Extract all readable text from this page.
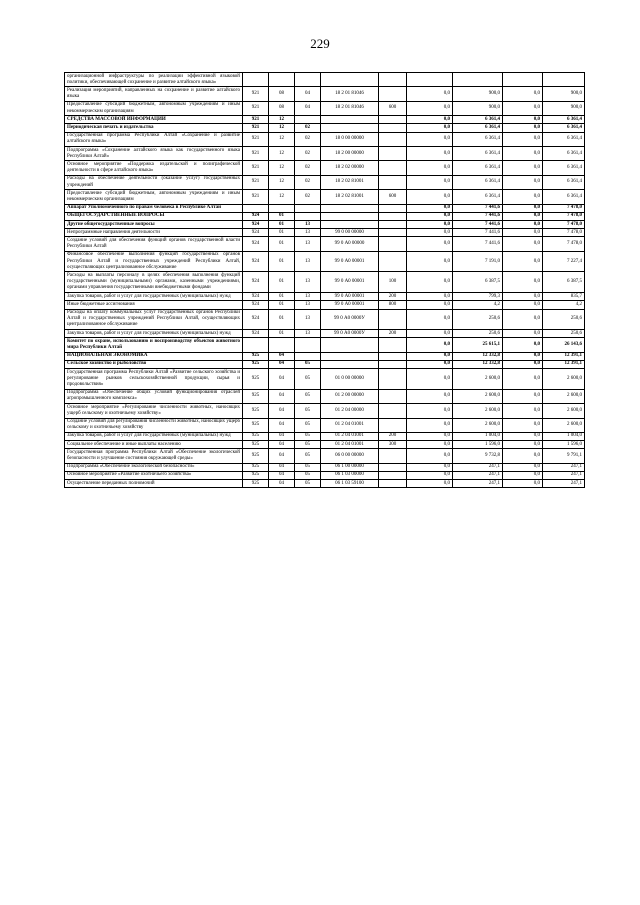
229
организационной инфраструктуры по реализации эффективной языковой политики, обеспечивающей сохранение и развитие алтайского языка»									
Реализация мероприятий, направленных на сохранение и развитие алтайского языка	921	08	04	18 2 01 81046		0,0	900,0	0,0	900,0
Предоставление субсидий бюджетным, автономным учреждениям и иным некоммерческим организациям	921	08	04	18 2 01 81046	600	0,0	900,0	0,0	900,0
СРЕДСТВА МАССОВОЙ ИНФОРМАЦИИ	921	12				0,0	6 361,4	0,0	6 361,4
Периодическая печать и издательства	921	12	02			0,0	6 361,4	0,0	6 361,4
Государственная программа Республики Алтай «Сохранение и развитие алтайского языка»	921	12	02	18 0 00 00000		0,0	6 361,4	0,0	6 361,4
Подпрограмма «Сохранение алтайского языка как государственного языка Республики Алтай»	921	12	02	18 2 00 00000		0,0	6 361,4	0,0	6 361,4
Основное мероприятие «Поддержка издательской и полиграфической деятельности в сфере алтайского языка»	921	12	02	18 2 02 00000		0,0	6 361,4	0,0	6 361,4
Расходы на обеспечение деятельности (оказание услуг) государственных учреждений	921	12	02	18 2 02 81001		0,0	6 361,4	0,0	6 361,4
Предоставление субсидий бюджетным, автономным учреждениям и иным некоммерческим организациям	921	12	02	18 2 02 81001	600	0,0	6 361,4	0,0	6 361,4
Аппарат Уполномоченного по правам человека в Республике Алтай						0,0	7 441,6	0,0	7 478,0
ОБЩЕГОСУДАРСТВЕННЫЕ ВОПРОСЫ	924	01				0,0	7 441,6	0,0	7 478,0
Другие общегосударственные вопросы	924	01	13			0,0	7 441,6	0,0	7 478,0
Непрограммные направления деятельности	924	01	13	99 0 00 00000		0,0	7 441,6	0,0	7 478,0
Создание условий для обеспечения функций органов государственной власти Республики Алтай	924	01	13	99 0 А0 00000		0,0	7 441,6	0,0	7 478,0
Финансовое обеспечение выполнения функций государственных органов Республики Алтай и государственных учреждений Республики Алтай, осуществляющих централизованное обслуживание	924	01	13	99 0 А0 00001		0,0	7 191,0	0,0	7 227,4
Расходы на выплаты персоналу в целях обеспечения выполнения функций государственными (муниципальными) органами, казенными учреждениями, органами управления государственными внебюджетными фондами	924	01	13	99 0 А0 00001	100	0,0	6 387,5	0,0	6 387,5
Закупка товаров, работ и услуг для государственных (муниципальных) нужд	924	01	13	99 0 А0 00001	200	0,0	799,3	0,0	835,7
Иные бюджетные ассигнования	924	01	13	99 0 А0 00001	800	0,0	4,2	0,0	4,2
Расходы на оплату коммунальных услуг государственных органов Республики Алтай и государственных учреждений Республики Алтай, осуществляющих централизованное обслуживание	924	01	13	99 0 А0 0000У		0,0	250,6	0,0	250,6
Закупка товаров, работ и услуг для государственных (муниципальных) нужд	924	01	13	99 0 А0 0000У	200	0,0	250,6	0,0	250,6
Комитет по охране, использованию и воспроизводству объектов животного мира Республики Алтай						0,0	25 615,1	0,0	26 143,6
НАЦИОНАЛЬНАЯ ЭКОНОМИКА	925	04				0,0	12 332,8	0,0	12 391,1
Сельское хозяйство и рыболовство	925	04	05			0,0	12 332,8	0,0	12 391,1
Государственная программа Республики Алтай «Развитие сельского хозяйства и регулирование рынков сельскохозяйственной продукции, сырья и продовольствия»	925	04	05	01 0 00 00000		0,0	2 600,0	0,0	2 600,0
Подпрограмма «Обеспечение общих условий функционирования отраслей агропромышленного комплекса»	925	04	05	01 2 00 00000		0,0	2 600,0	0,0	2 600,0
Основное мероприятие «Регулирование численности животных, наносящих ущерб сельскому и охотничьему хозяйству»	925	04	05	01 2 04 00000		0,0	2 600,0	0,0	2 600,0
Создание условий для регулирования численности животных, наносящих ущерб сельскому и охотничьему хозяйству	925	04	05	01 2 04 01001		0,0	2 600,0	0,0	2 600,0
Закупка товаров, работ и услуг для государственных (муниципальных) нужд	925	04	05	01 2 04 01001	200	0,0	1 004,0	0,0	1 004,0
Социальное обеспечение и иные выплаты населению	925	04	05	01 2 04 01001	300	0,0	1 596,0	0,0	1 596,0
Государственная программа Республики Алтай «Обеспечение экологической безопасности и улучшение состояния окружающей среды»	925	04	05	06 0 00 00000		0,0	9 732,8	0,0	9 791,1
Подпрограмма «Обеспечение экологической безопасности»	925	04	05	06 1 00 00000		0,0	247,1	0,0	247,1
Основное мероприятие «Развитие охотничьего хозяйства»	925	04	05	06 1 03 00000		0,0	247,1	0,0	247,1
Осуществление переданных полномочий	925	04	05	06 1 03 59100		0,0	247,1	0,0	247,1
